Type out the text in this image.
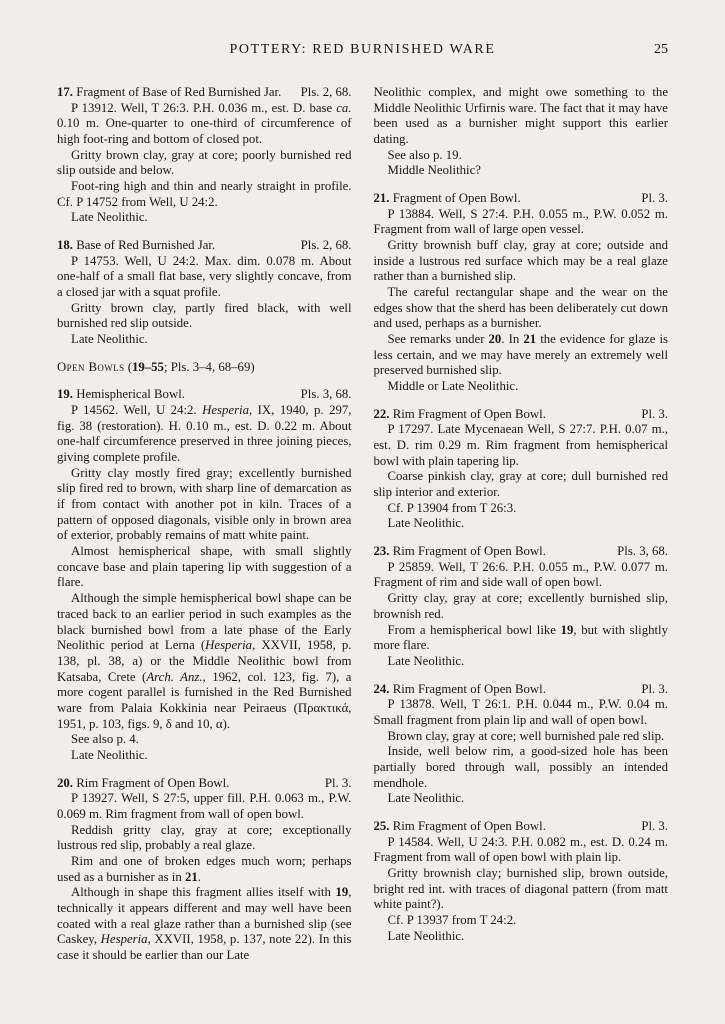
POTTERY: RED BURNISHED WARE	25
17. Fragment of Base of Red Burnished Jar. Pls. 2, 68.

P 13912. Well, T 26:3. P.H. 0.036 m., est. D. base ca. 0.10 m. One-quarter to one-third of circumference of high foot-ring and bottom of closed pot.

Gritty brown clay, gray at core; poorly burnished red slip outside and below.

Foot-ring high and thin and nearly straight in profile. Cf. P 14752 from Well, U 24:2.

Late Neolithic.

18. Base of Red Burnished Jar.	Pls. 2, 68.

P 14753. Well, U 24:2. Max. dim. 0.078 m. About one-half of a small flat base, very slightly concave, from a closed jar with a squat profile.

Gritty brown clay, partly fired black, with well burnished red slip outside.

Late Neolithic.

Open Bowls (19–55; Pls. 3–4, 68–69)
19. Hemispherical Bowl.	Pls. 3, 68.

P 14562. Well, U 24:2. Hesperia, IX, 1940, p. 297, fig. 38 (restoration). H. 0.10 m., est. D. 0.22 m. About one-half circumference preserved in three joining pieces, giving complete profile.

Gritty clay mostly fired gray; excellently burnished slip fired red to brown, with sharp line of demarcation as if from contact with another pot in kiln. Traces of a pattern of opposed diagonals, visible only in brown area of exterior, probably remains of matt white paint.

Almost hemispherical shape, with small slightly concave base and plain tapering lip with suggestion of a flare.

Although the simple hemispherical bowl shape can be traced back to an earlier period in such examples as the black burnished bowl from a late phase of the Early Neolithic period at Lerna (Hesperia, XXVII, 1958, p. 138, pl. 38, a) or the Middle Neolithic bowl from Katsaba, Crete (Arch. Anz., 1962, col. 123, fig. 7), a more cogent parallel is furnished in the Red Burnished ware from Palaia Kokkinia near Peiraeus (Πρακτικά, 1951, p. 103, figs. 9, δ and 10, α).

See also p. 4.

Late Neolithic.

20. Rim Fragment of Open Bowl.	Pl. 3.

P 13927. Well, S 27:5, upper fill. P.H. 0.063 m., P.W. 0.069 m. Rim fragment from wall of open bowl.

Reddish gritty clay, gray at core; exceptionally lustrous red slip, probably a real glaze.

Rim and one of broken edges much worn; perhaps used as a burnisher as in 21.

Although in shape this fragment allies itself with 19, technically it appears different and may well have been coated with a real glaze rather than a burnished slip (see Caskey, Hesperia, XXVII, 1958, p. 137, note 22). In this case it should be earlier than our Late

Neolithic complex, and might owe something to the Middle Neolithic Urfirnis ware. The fact that it may have been used as a burnisher might support this earlier dating.

See also p. 19.

Middle Neolithic?

21. Fragment of Open Bowl.	Pl. 3.

P 13884. Well, S 27:4. P.H. 0.055 m., P.W. 0.052 m. Fragment from wall of large open vessel.

Gritty brownish buff clay, gray at core; outside and inside a lustrous red surface which may be a real glaze rather than a burnished slip.

The careful rectangular shape and the wear on the edges show that the sherd has been deliberately cut down and used, perhaps as a burnisher.

See remarks under 20. In 21 the evidence for glaze is less certain, and we may have merely an extremely well preserved burnished slip.

Middle or Late Neolithic.

22. Rim Fragment of Open Bowl.	Pl. 3.

P 17297. Late Mycenaean Well, S 27:7. P.H. 0.07 m., est. D. rim 0.29 m. Rim fragment from hemispherical bowl with plain tapering lip.

Coarse pinkish clay, gray at core; dull burnished red slip interior and exterior.

Cf. P 13904 from T 26:3.

Late Neolithic.

23. Rim Fragment of Open Bowl.	Pls. 3, 68.

P 25859. Well, T 26:6. P.H. 0.055 m., P.W. 0.077 m. Fragment of rim and side wall of open bowl.

Gritty clay, gray at core; excellently burnished slip, brownish red.

From a hemispherical bowl like 19, but with slightly more flare.

Late Neolithic.

24. Rim Fragment of Open Bowl.	Pl. 3.

P 13878. Well, T 26:1. P.H. 0.044 m., P.W. 0.04 m. Small fragment from plain lip and wall of open bowl.

Brown clay, gray at core; well burnished pale red slip.

Inside, well below rim, a good-sized hole has been partially bored through wall, possibly an intended mendhole.

Late Neolithic.

25. Rim Fragment of Open Bowl.	Pl. 3.

P 14584. Well, U 24:3. P.H. 0.082 m., est. D. 0.24 m. Fragment from wall of open bowl with plain lip.

Gritty brownish clay; burnished slip, brown outside, bright red int. with traces of diagonal pattern (from matt white paint?).

Cf. P 13937 from T 24:2.

Late Neolithic.
